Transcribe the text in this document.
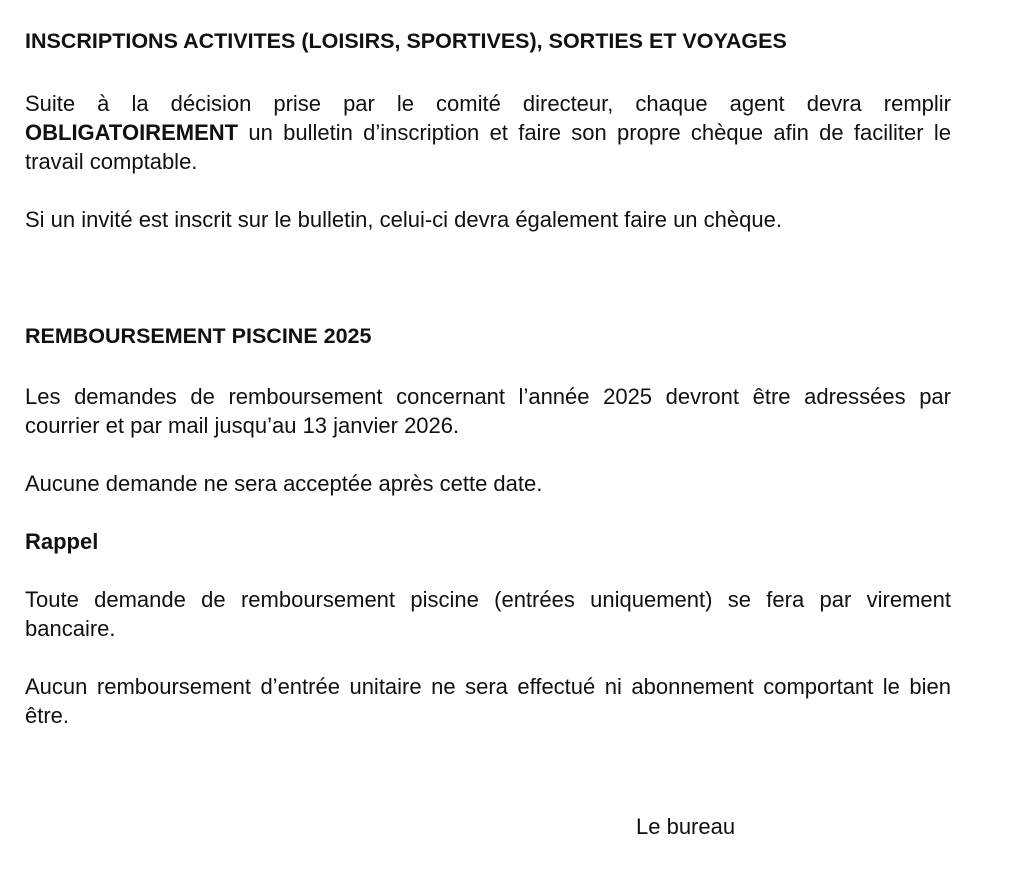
INSCRIPTIONS ACTIVITES (LOISIRS, SPORTIVES), SORTIES ET VOYAGES

Suite à la décision prise par le comité directeur, chaque agent devra remplir OBLIGATOIREMENT un bulletin d’inscription et faire son propre chèque afin de faciliter le travail comptable.

Si un invité est inscrit sur le bulletin, celui-ci devra également faire un chèque.

REMBOURSEMENT PISCINE 2025

Les demandes de remboursement concernant l’année 2025 devront être adressées par courrier et par mail jusqu’au 13 janvier 2026.

Aucune demande ne sera acceptée après cette date.

Rappel

Toute demande de remboursement piscine (entrées uniquement) se fera par virement bancaire.

Aucun remboursement d’entrée unitaire ne sera effectué ni abonnement comportant le bien être.

Le bureau
